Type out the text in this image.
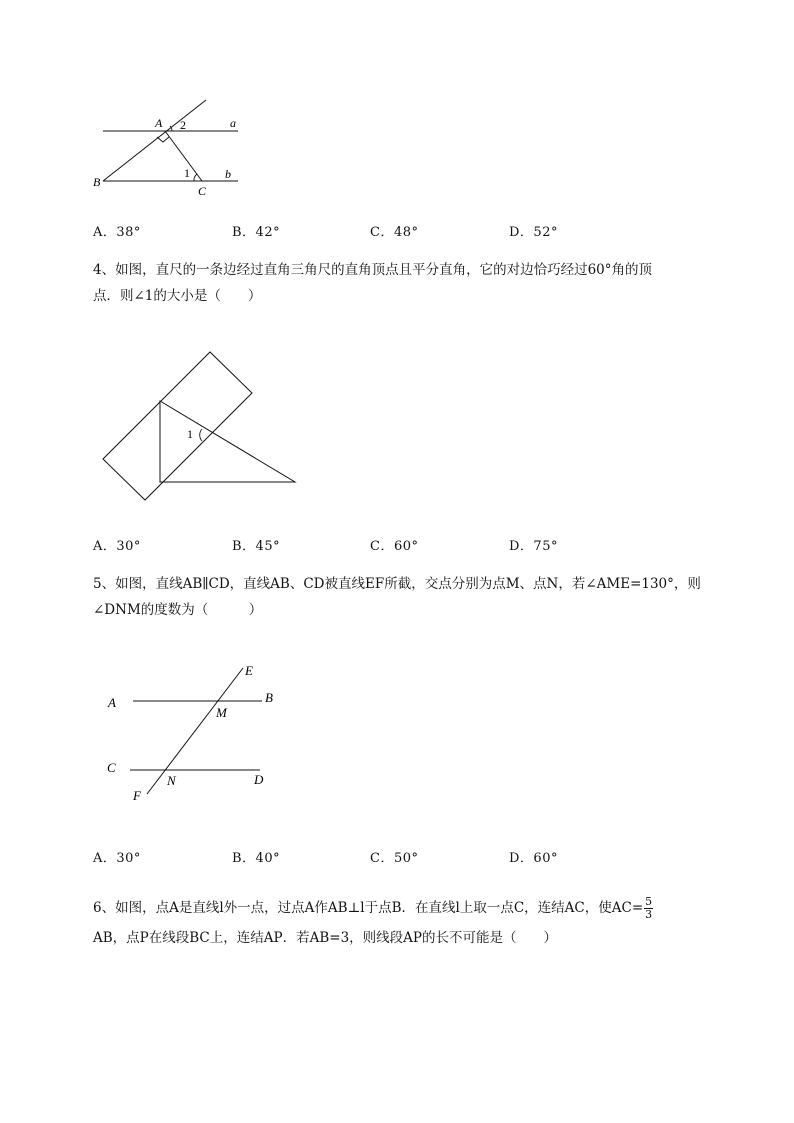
A 2	a
B
1
C
b
A．38°	B．42°	C．48°	D．52°
4、如图，直尺的一条边经过直角三角尺的直角顶点且平分直角，它的对边恰巧经过60°角的顶
点．则∠1的大小是（　　）
1
A．30°	B．45°	C．60°	D．75°
5、如图，直线AB∥CD，直线AB、CD被直线EF所截，交点分别为点M、点N，若∠AME=130°，则
∠DNM的度数为（　　　）
E
A	B
M
C
D
N
F
A．30°	B．40°	C．50°	D．60°
6、如图，点A是直线l外一点，过点A作AB⊥l于点B．在直线l上取一点C，连结AC，使$AC= \frac{5}{3}$
AB，点P在线段BC上，连结AP．若AB=3，则线段AP的长不可能是（　　）
